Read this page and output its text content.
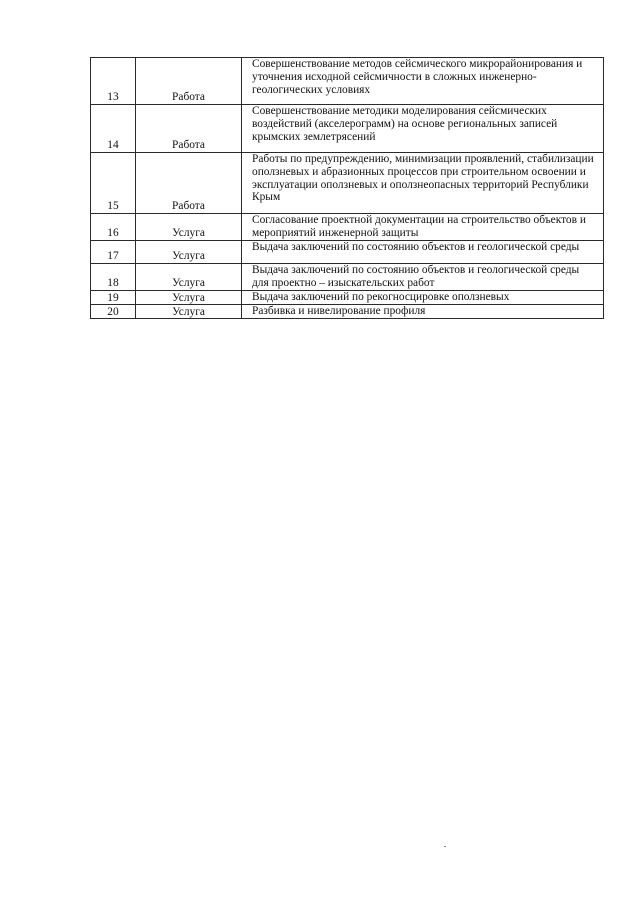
13	Работа	Совершенствование методов сейсмического микрорайонирования и уточнения исходной сейсмичности в сложных инженерно-геологических условиях
14	Работа	Совершенствование методики моделирования сейсмических воздействий (акселерограмм) на основе региональных записей крымских землетрясений
15	Работа	Работы по предупреждению, минимизации проявлений, стабилизации оползневых и абразионных процессов при строительном освоении и эксплуатации оползневых и оползнеопасных территорий Республики Крым
16	Услуга	Согласование проектной документации на строительство объектов и мероприятий инженерной защиты
17	Услуга	Выдача заключений по состоянию объектов и геологической среды
18	Услуга	Выдача заключений по состоянию объектов и геологической среды для проектно – изыскательских работ
19	Услуга	Выдача заключений по рекогносцировке оползневых
20	Услуга	Разбивка и нивелирование профиля
